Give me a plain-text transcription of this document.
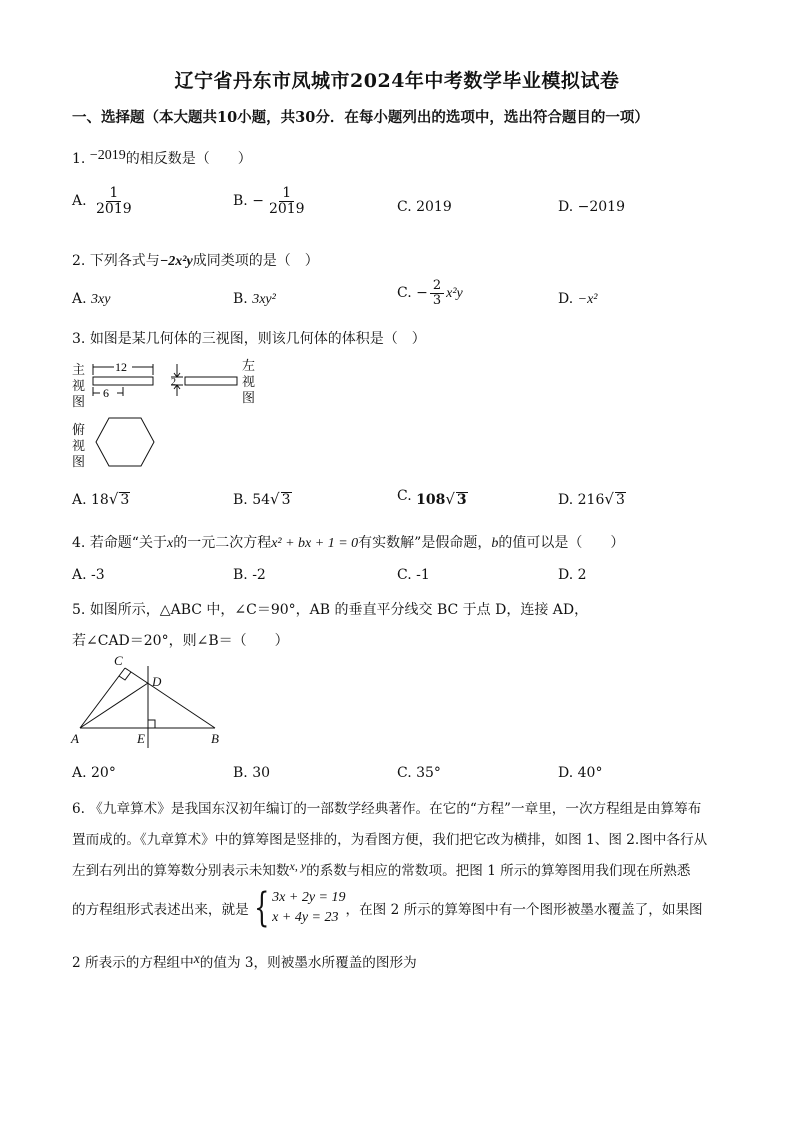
辽宁省丹东市凤城市2024年中考数学毕业模拟试卷
一、选择题（本大题共10小题，共30分．在每小题列出的选项中，选出符合题目的一项）
1. −2019的相反数是（　　）
A. $\frac{1}{2019}$	B. − $\frac{1}{2019}$	C. 2019	D. −2019
2. 下列各式与−2x²y成同类项的是（　）
A. 3xy	B. 3xy²	C. − $\frac{2}{3} x^2y$	D. −x²
3. 如图是某几何体的三视图，则该几何体的体积是（　）
主
视
图
左
视
图
俯
视
图
12
6
2
A. 18√ 3	B. 54√ 3	C. 108√ 3	D. 216√ 3
4. 若命题“关于x的一元二次方程x² + bx + 1 = 0有实数解”是假命题，b的值可以是（　　）
A. -3	B. -2	C. -1	D. 2
5. 如图所示，△ABC 中，∠C＝90°，AB 的垂直平分线交 BC 于点 D，连接 AD，
若∠CAD＝20°，则∠B＝（　　）
C
D
A	E	B
A. 20°	B. 30	C. 35°	D. 40°
6. 《九章算术》是我国东汉初年编订的一部数学经典著作。在它的“方程”一章里，一次方程组是由算筹布
置而成的。《九章算术》中的算筹图是竖排的，为看图方便，我们把它改为横排，如图 1、图 2.图中各行从
左到右列出的算筹数分别表示未知数x, y的系数与相应的常数项。把图 1 所示的算筹图用我们现在所熟悉
的方程组形式表述出来，就是 { 3x + 2y = 19
x + 4y = 23 ，在图 2 所示的算筹图中有一个图形被墨水覆盖了，如果图
2 所表示的方程组中x的值为 3，则被墨水所覆盖的图形为
